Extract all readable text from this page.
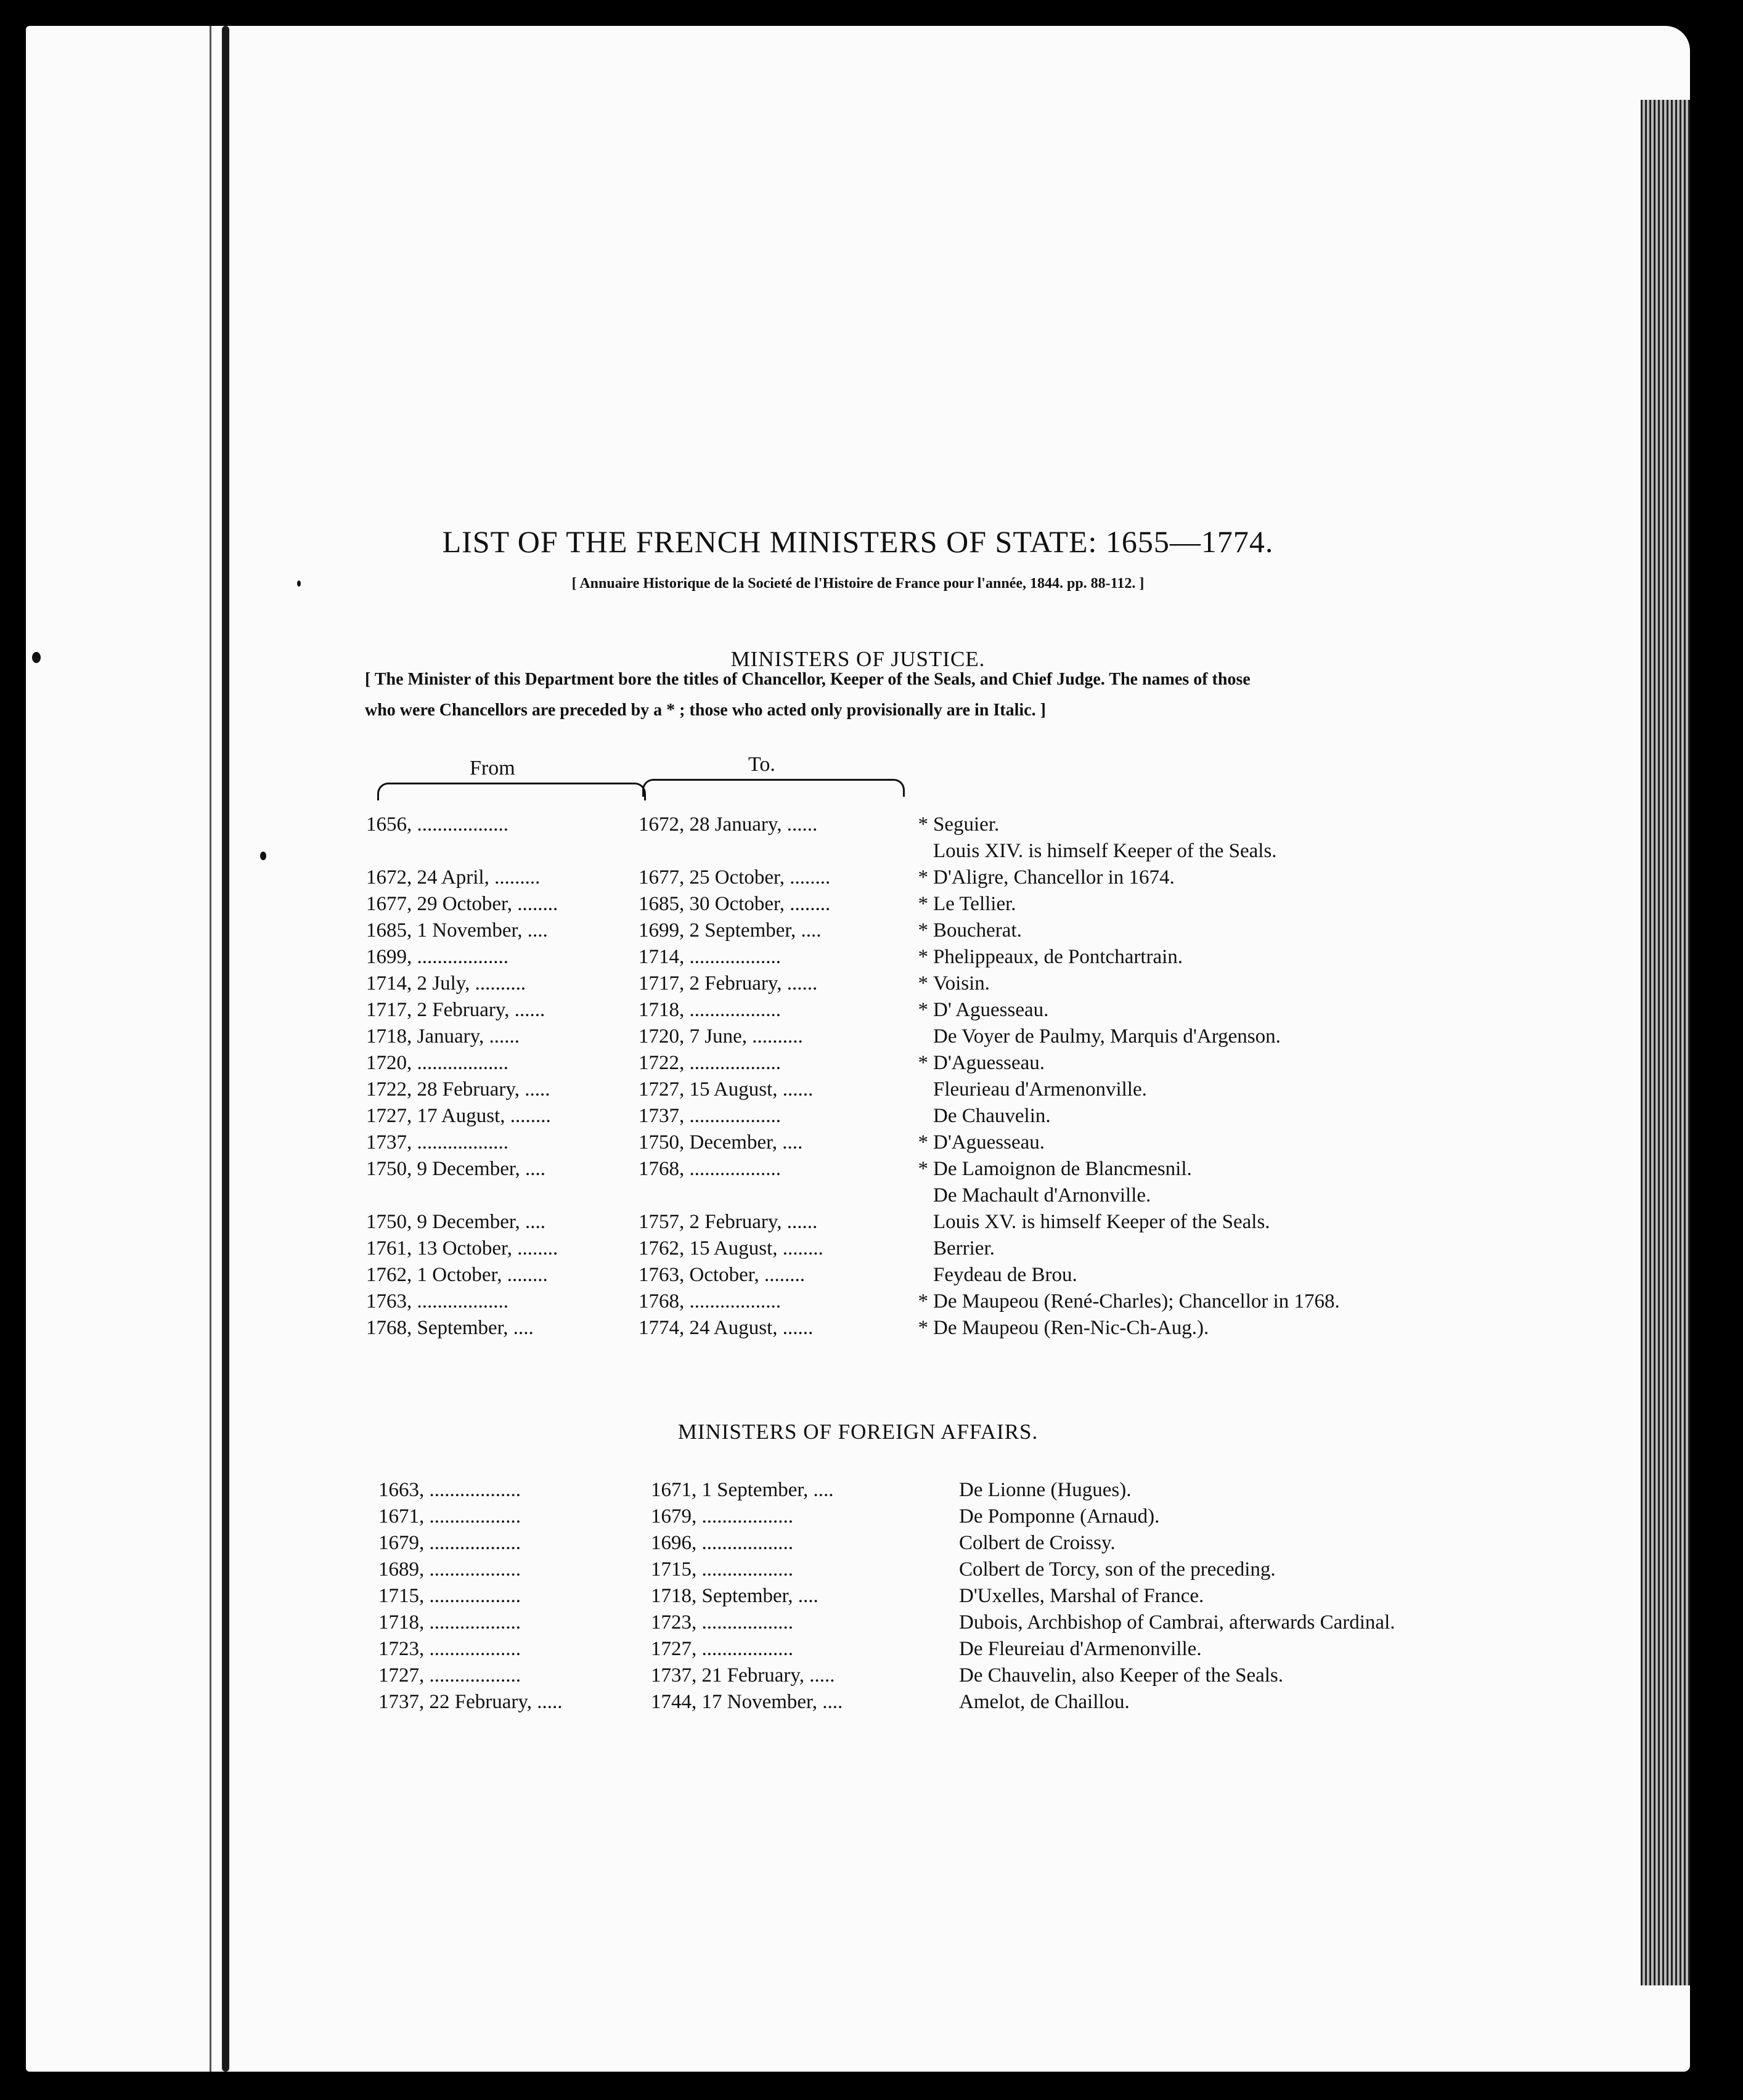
LIST OF THE FRENCH MINISTERS OF STATE: 1655—1774.
[ Annuaire Historique de la Societé de l'Histoire de France pour l'année, 1844. pp. 88-112. ]
MINISTERS OF JUSTICE.
[ The Minister of this Department bore the titles of Chancellor, Keeper of the Seals, and Chief Judge. The names of those
who were Chancellors are preceded by a * ; those who acted only provisionally are in Italic. ]
From	To.
1656, ..................	1672, 28 January, ......	*	Seguier.
			Louis XIV. is himself Keeper of the Seals.
1672, 24 April, .........	1677, 25 October, ........	*	D'Aligre, Chancellor in 1674.
1677, 29 October, ........	1685, 30 October, ........	*	Le Tellier.
1685, 1 November, ....	1699, 2 September, ....	*	Boucherat.
1699, ..................	1714, ..................	*	Phelippeaux, de Pontchartrain.
1714, 2 July, ..........	1717, 2 February, ......	*	Voisin.
1717, 2 February, ......	1718, ..................	*	D' Aguesseau.
1718, January, ......	1720, 7 June, ..........		De Voyer de Paulmy, Marquis d'Argenson.
1720, ..................	1722, ..................	*	D'Aguesseau.
1722, 28 February, .....	1727, 15 August, ......		Fleurieau d'Armenonville.
1727, 17 August, ........	1737, ..................		De Chauvelin.
1737, ..................	1750, December, ....	*	D'Aguesseau.
1750, 9 December, ....	1768, ..................	*	De Lamoignon de Blancmesnil.
			De Machault d'Arnonville.
1750, 9 December, ....	1757, 2 February, ......		Louis XV. is himself Keeper of the Seals.
1761, 13 October, ........	1762, 15 August, ........		Berrier.
1762, 1 October, ........	1763, October, ........		Feydeau de Brou.
1763, ..................	1768, ..................	*	De Maupeou (René-Charles); Chancellor in 1768.
1768, September, ....	1774, 24 August, ......	*	De Maupeou (Ren-Nic-Ch-Aug.).
MINISTERS OF FOREIGN AFFAIRS.
1663, ..................	1671, 1 September, ....	De Lionne (Hugues).
1671, ..................	1679, ..................	De Pomponne (Arnaud).
1679, ..................	1696, ..................	Colbert de Croissy.
1689, ..................	1715, ..................	Colbert de Torcy, son of the preceding.
1715, ..................	1718, September, ....	D'Uxelles, Marshal of France.
1718, ..................	1723, ..................	Dubois, Archbishop of Cambrai, afterwards Cardinal.
1723, ..................	1727, ..................	De Fleureiau d'Armenonville.
1727, ..................	1737, 21 February, .....	De Chauvelin, also Keeper of the Seals.
1737, 22 February, .....	1744, 17 November, ....	Amelot, de Chaillou.
